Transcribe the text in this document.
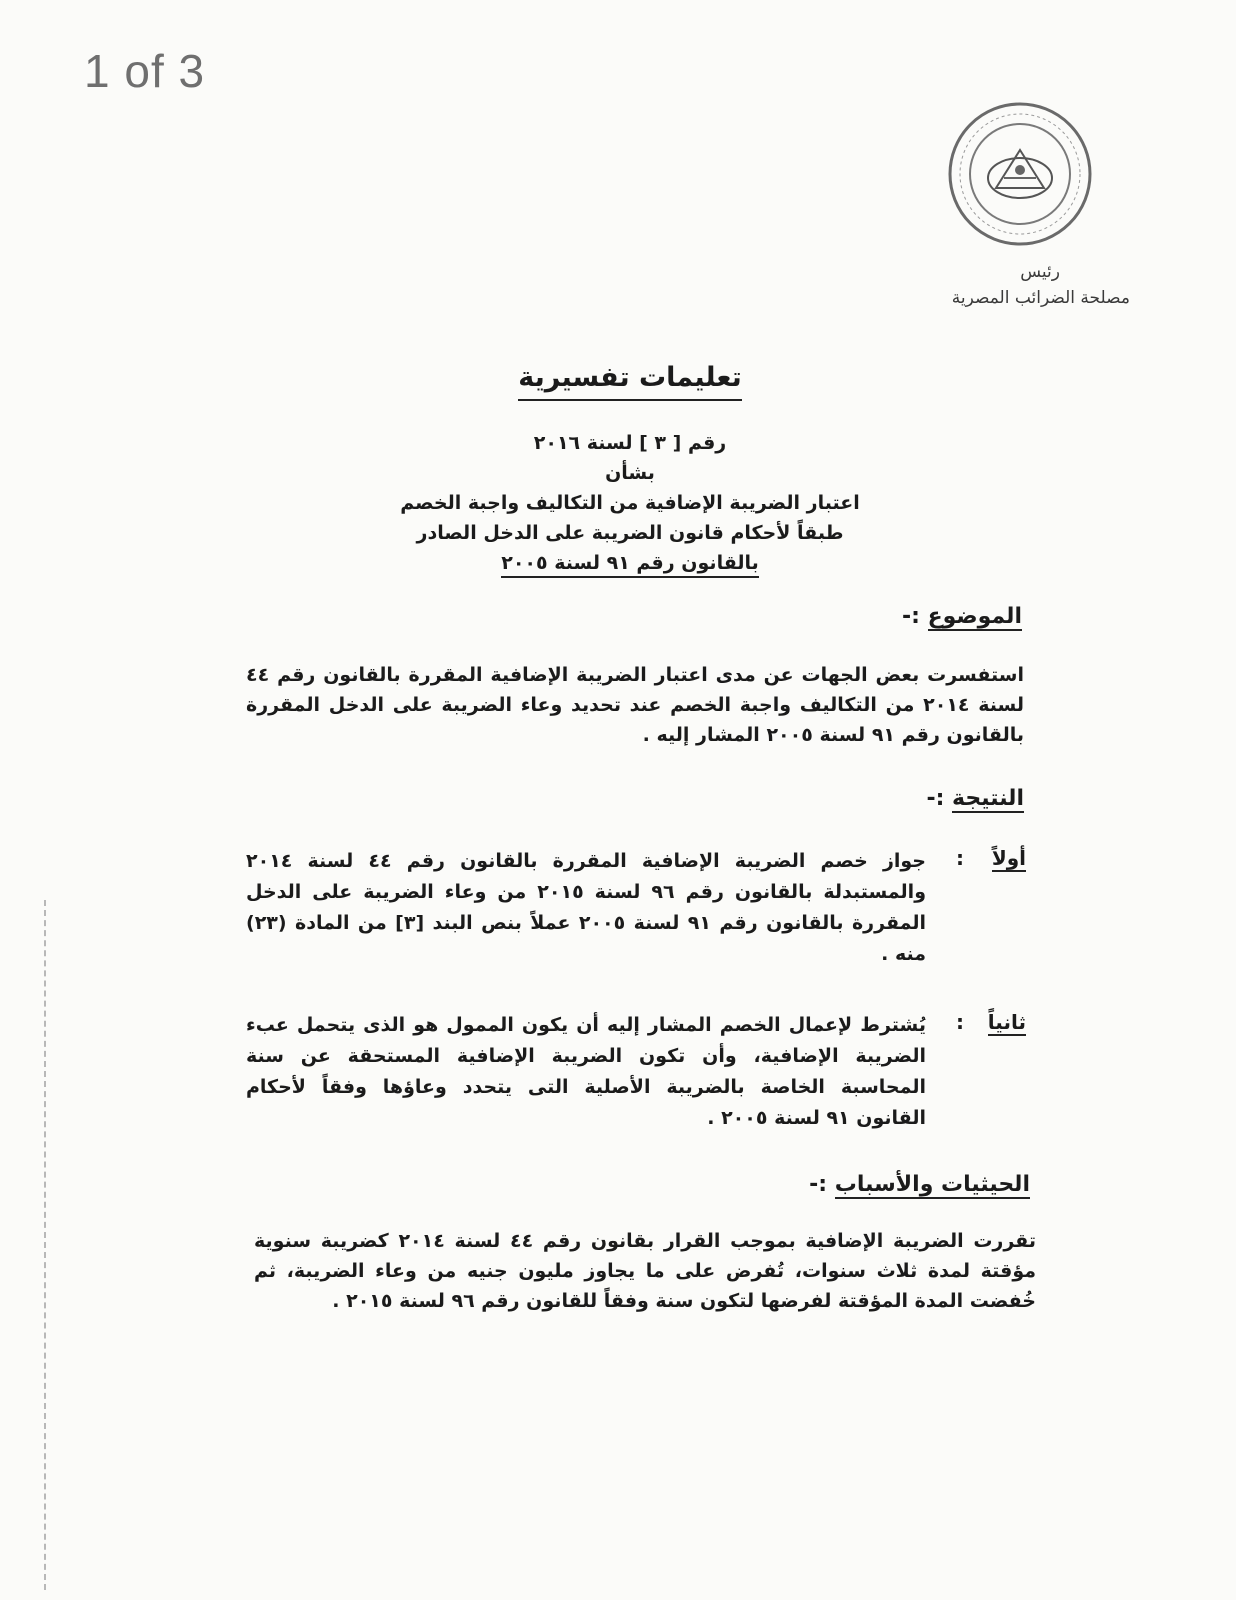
1 of 3
رئيس
مصلحة الضرائب المصرية
تعليمات تفسيرية
رقم [ ٣ ] لسنة ٢٠١٦
بشأن
اعتبار الضريبة الإضافية من التكاليف واجبة الخصم
طبقاً لأحكام قانون الضريبة على الدخل الصادر
بالقانون رقم ٩١ لسنة ٢٠٠٥
الموضوع :-
استفسرت بعض الجهات عن مدى اعتبار الضريبة الإضافية المقررة بالقانون رقم ٤٤ لسنة ٢٠١٤ من التكاليف واجبة الخصم عند تحديد وعاء الضريبة على الدخل المقررة بالقانون رقم ٩١ لسنة ٢٠٠٥ المشار إليه .
النتيجة :-
أولاً
:
جواز خصم الضريبة الإضافية المقررة بالقانون رقم ٤٤ لسنة ٢٠١٤ والمستبدلة بالقانون رقم ٩٦ لسنة ٢٠١٥ من وعاء الضريبة على الدخل المقررة بالقانون رقم ٩١ لسنة ٢٠٠٥ عملاً بنص البند [٣] من المادة (٢٣) منه .
ثانياً
:
يُشترط لإعمال الخصم المشار إليه أن يكون الممول هو الذى يتحمل عبء الضريبة الإضافية، وأن تكون الضريبة الإضافية المستحقة عن سنة المحاسبة الخاصة بالضريبة الأصلية التى يتحدد وعاؤها وفقاً لأحكام القانون ٩١ لسنة ٢٠٠٥ .
الحيثيات والأسباب :-
تقررت الضريبة الإضافية بموجب القرار بقانون رقم ٤٤ لسنة ٢٠١٤ كضريبة سنوية مؤقتة لمدة ثلاث سنوات، تُفرض على ما يجاوز مليون جنيه من وعاء الضريبة، ثم خُفضت المدة المؤقتة لفرضها لتكون سنة وفقاً للقانون رقم ٩٦ لسنة ٢٠١٥ .
